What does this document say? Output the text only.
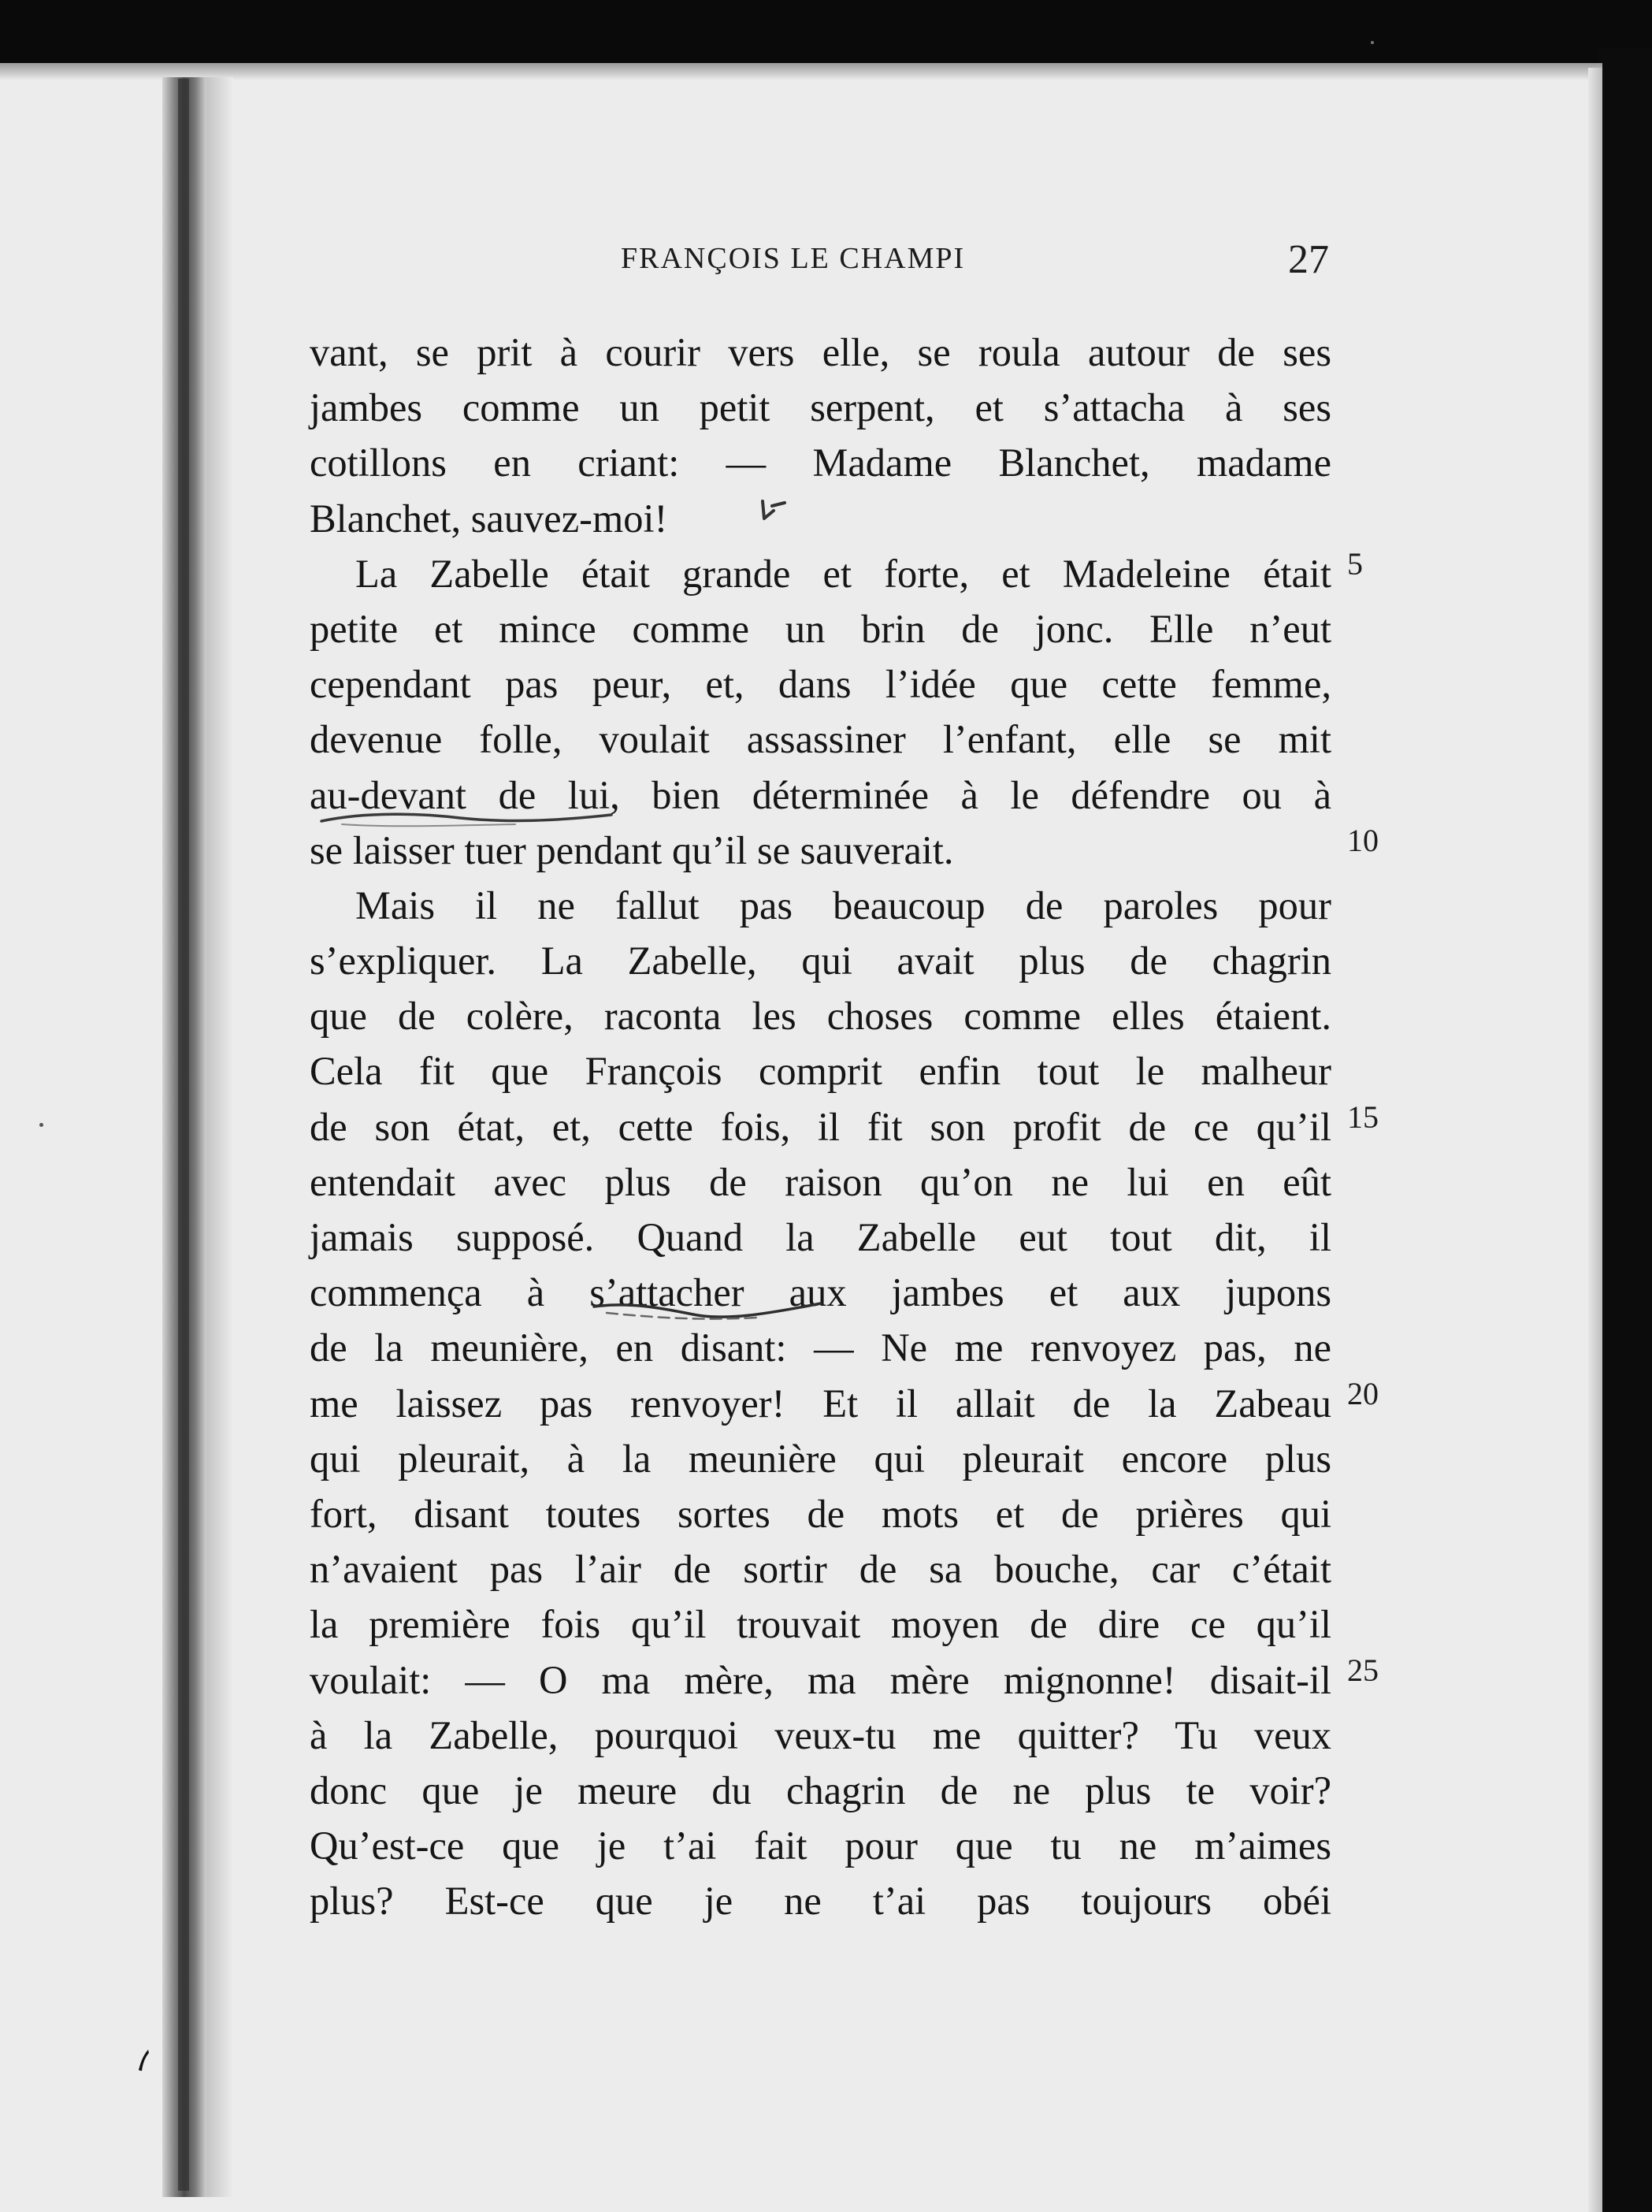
FRANÇOIS LE CHAMPI	27
vant, se prit à courir vers elle, se roula autour de ses
jambes comme un petit serpent, et s’attacha à ses
cotillons en criant: — Madame Blanchet, madame
Blanchet, sauvez-moi!
La Zabelle était grande et forte, et Madeleine était
petite et mince comme un brin de jonc. Elle n’eut
cependant pas peur, et, dans l’idée que cette femme,
devenue folle, voulait assassiner l’enfant, elle se mit
au-devant de lui, bien déterminée à le défendre ou à
se laisser tuer pendant qu’il se sauverait.
Mais il ne fallut pas beaucoup de paroles pour
s’expliquer. La Zabelle, qui avait plus de chagrin
que de colère, raconta les choses comme elles étaient.
Cela fit que François comprit enfin tout le malheur
de son état, et, cette fois, il fit son profit de ce qu’il
entendait avec plus de raison qu’on ne lui en eût
jamais supposé. Quand la Zabelle eut tout dit, il
commença à s’attacher aux jambes et aux jupons
de la meunière, en disant: — Ne me renvoyez pas, ne
me laissez pas renvoyer! Et il allait de la Zabeau
qui pleurait, à la meunière qui pleurait encore plus
fort, disant toutes sortes de mots et de prières qui
n’avaient pas l’air de sortir de sa bouche, car c’était
la première fois qu’il trouvait moyen de dire ce qu’il
voulait: — O ma mère, ma mère mignonne! disait-il
à la Zabelle, pourquoi veux-tu me quitter? Tu veux
donc que je meure du chagrin de ne plus te voir?
Qu’est-ce que je t’ai fait pour que tu ne m’aimes
plus? Est-ce que je ne t’ai pas toujours obéi
5
10
15
20
25
